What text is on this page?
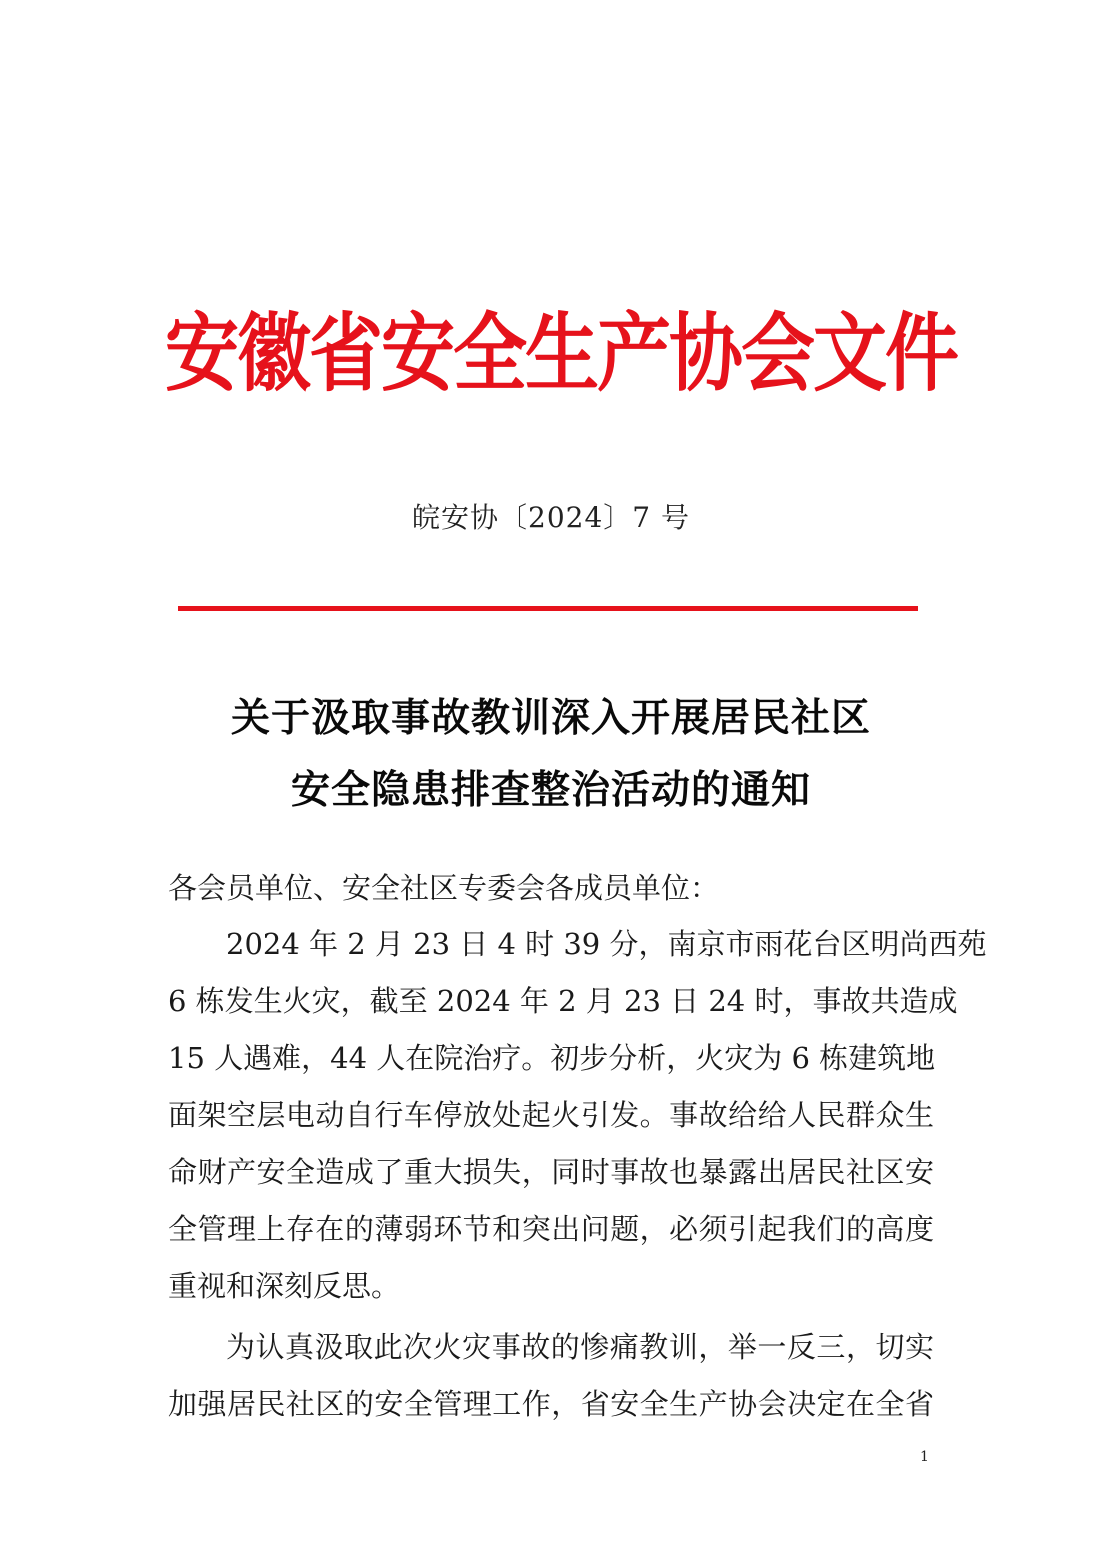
安徽省安全生产协会文件
皖安协〔2024〕7 号
关于汲取事故教训深入开展居民社区
安全隐患排查整治活动的通知
各会员单位、安全社区专委会各成员单位：
2024 年 2 月 23 日 4 时 39 分，南京市雨花台区明尚西苑
6 栋发生火灾，截至 2024 年 2 月 23 日 24 时，事故共造成
15 人遇难，44 人在院治疗。初步分析，火灾为 6 栋建筑地
面架空层电动自行车停放处起火引发。事故给给人民群众生
命财产安全造成了重大损失，同时事故也暴露出居民社区安
全管理上存在的薄弱环节和突出问题，必须引起我们的高度
重视和深刻反思。
为认真汲取此次火灾事故的惨痛教训，举一反三，切实
加强居民社区的安全管理工作，省安全生产协会决定在全省
1
